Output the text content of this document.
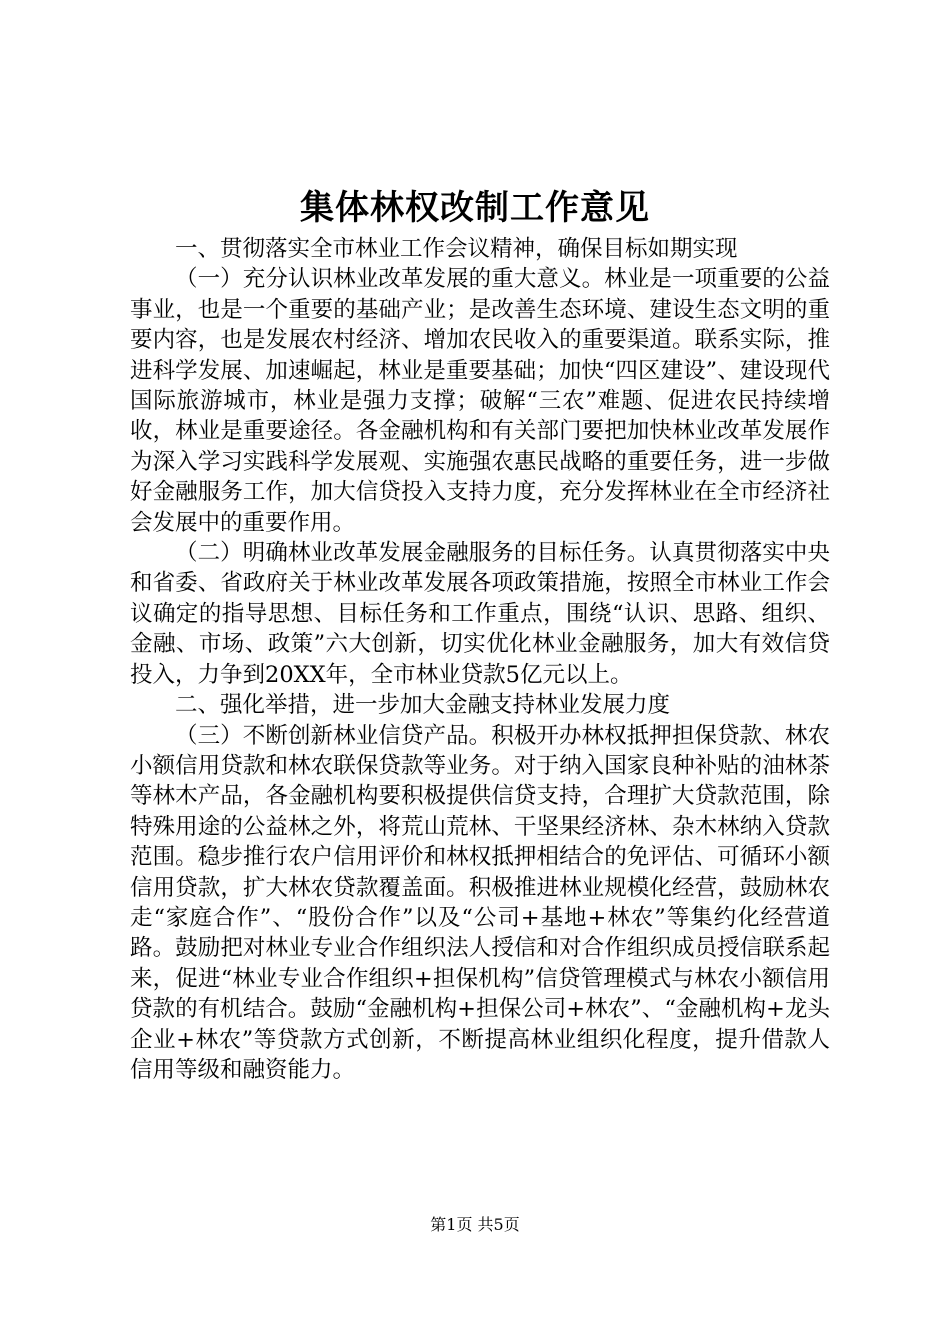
集体林权改制工作意见

一、贯彻落实全市林业工作会议精神，确保目标如期实现

（一）充分认识林业改革发展的重大意义。林业是一项重要的公益事业，也是一个重要的基础产业；是改善生态环境、建设生态文明的重要内容，也是发展农村经济、增加农民收入的重要渠道。联系实际，推进科学发展、加速崛起，林业是重要基础；加快“四区建设”、建设现代国际旅游城市，林业是强力支撑；破解“三农”难题、促进农民持续增收，林业是重要途径。各金融机构和有关部门要把加快林业改革发展作为深入学习实践科学发展观、实施强农惠民战略的重要任务，进一步做好金融服务工作，加大信贷投入支持力度，充分发挥林业在全市经济社会发展中的重要作用。

（二）明确林业改革发展金融服务的目标任务。认真贯彻落实中央和省委、省政府关于林业改革发展各项政策措施，按照全市林业工作会议确定的指导思想、目标任务和工作重点，围绕“认识、思路、组织、金融、市场、政策”六大创新，切实优化林业金融服务，加大有效信贷投入，力争到20XX年，全市林业贷款5亿元以上。

二、强化举措，进一步加大金融支持林业发展力度

（三）不断创新林业信贷产品。积极开办林权抵押担保贷款、林农小额信用贷款和林农联保贷款等业务。对于纳入国家良种补贴的油林茶等林木产品，各金融机构要积极提供信贷支持，合理扩大贷款范围，除特殊用途的公益林之外，将荒山荒林、干坚果经济林、杂木林纳入贷款范围。稳步推行农户信用评价和林权抵押相结合的免评估、可循环小额信用贷款，扩大林农贷款覆盖面。积极推进林业规模化经营，鼓励林农走“家庭合作”、“股份合作”以及“公司+基地+林农”等集约化经营道路。鼓励把对林业专业合作组织法人授信和对合作组织成员授信联系起来，促进“林业专业合作组织+担保机构”信贷管理模式与林农小额信用贷款的有机结合。鼓励“金融机构+担保公司+林农”、“金融机构+龙头企业+林农”等贷款方式创新，不断提高林业组织化程度，提升借款人信用等级和融资能力。

第1页 共5页
